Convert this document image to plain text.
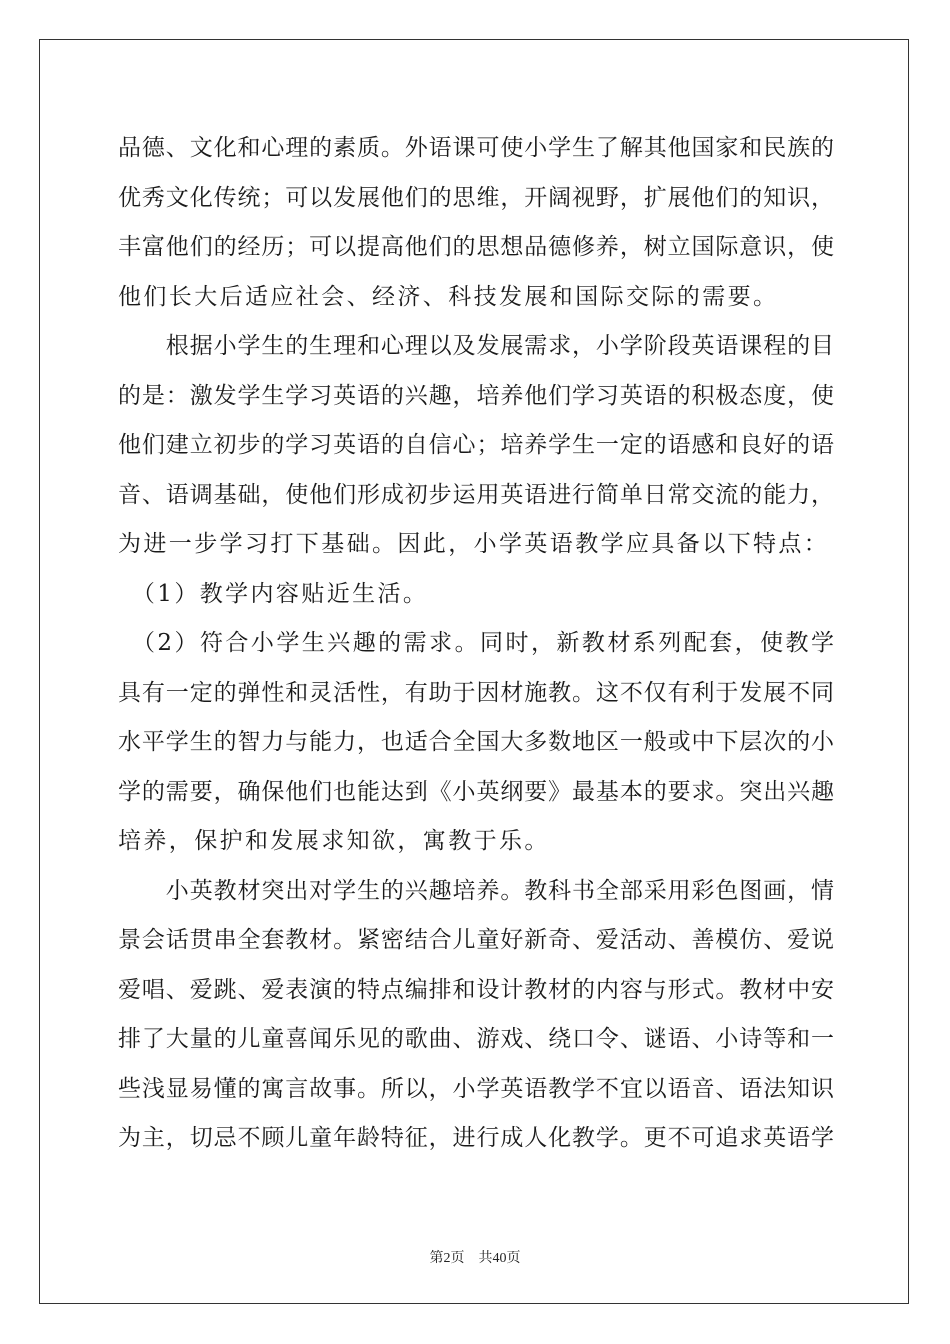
品德、文化和心理的素质。外语课可使小学生了解其他国家和民族的
优秀文化传统；可以发展他们的思维，开阔视野，扩展他们的知识，
丰富他们的经历；可以提高他们的思想品德修养，树立国际意识，使
他们长大后适应社会、经济、科技发展和国际交际的需要。
　　根据小学生的生理和心理以及发展需求，小学阶段英语课程的目
的是：激发学生学习英语的兴趣，培养他们学习英语的积极态度，使
他们建立初步的学习英语的自信心；培养学生一定的语感和良好的语
音、语调基础，使他们形成初步运用英语进行简单日常交流的能力，
为进一步学习打下基础。因此，小学英语教学应具备以下特点：
　（1）教学内容贴近生活。
　（2）符合小学生兴趣的需求。同时，新教材系列配套，使教学
具有一定的弹性和灵活性，有助于因材施教。这不仅有利于发展不同
水平学生的智力与能力，也适合全国大多数地区一般或中下层次的小
学的需要，确保他们也能达到《小英纲要》最基本的要求。突出兴趣
培养，保护和发展求知欲，寓教于乐。
　　小英教材突出对学生的兴趣培养。教科书全部采用彩色图画，情
景会话贯串全套教材。紧密结合儿童好新奇、爱活动、善模仿、爱说
爱唱、爱跳、爱表演的特点编排和设计教材的内容与形式。教材中安
排了大量的儿童喜闻乐见的歌曲、游戏、绕口令、谜语、小诗等和一
些浅显易懂的寓言故事。所以，小学英语教学不宜以语音、语法知识
为主，切忌不顾儿童年龄特征，进行成人化教学。更不可追求英语学
第2页 共40页
